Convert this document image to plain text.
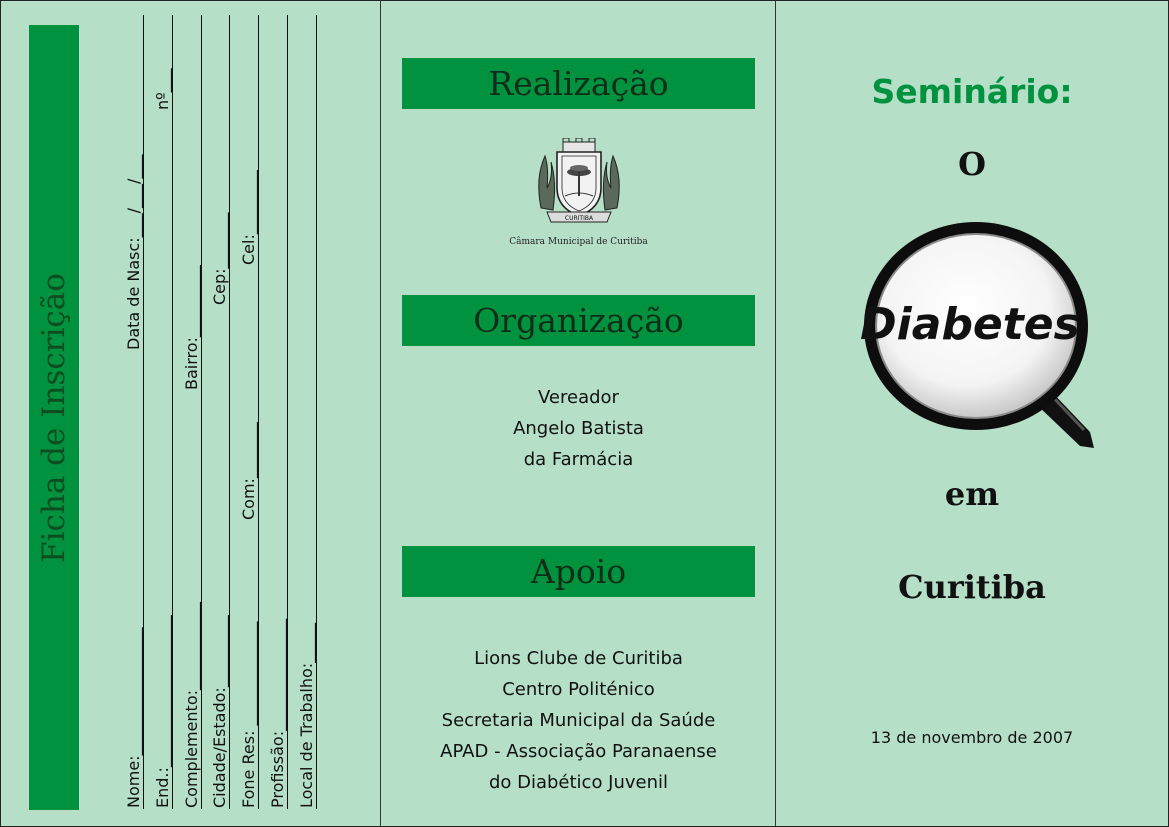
Ficha de Inscrição
Nome:________________ End.:___________________ Complemento:___________ Cidade/Estado:_________ Fone Res: _____________ Profissão:______________ Local de Trabalho:_____
Data de Nasc:___/___/___
nº___
Bairro:_________
Cep:_______
Com:_______
Cel:________
Realização
CURITIBA
Câmara Municipal de Curitiba
Organização
Vereador
Angelo Batista
da Farmácia
Apoio
Lions Clube de Curitiba
Centro Politénico
Secretaria Municipal da Saúde
APAD - Associação Paranaense
do Diabético Juvenil
Seminário:
O
Diabetes
em
Curitiba
13 de novembro de 2007
